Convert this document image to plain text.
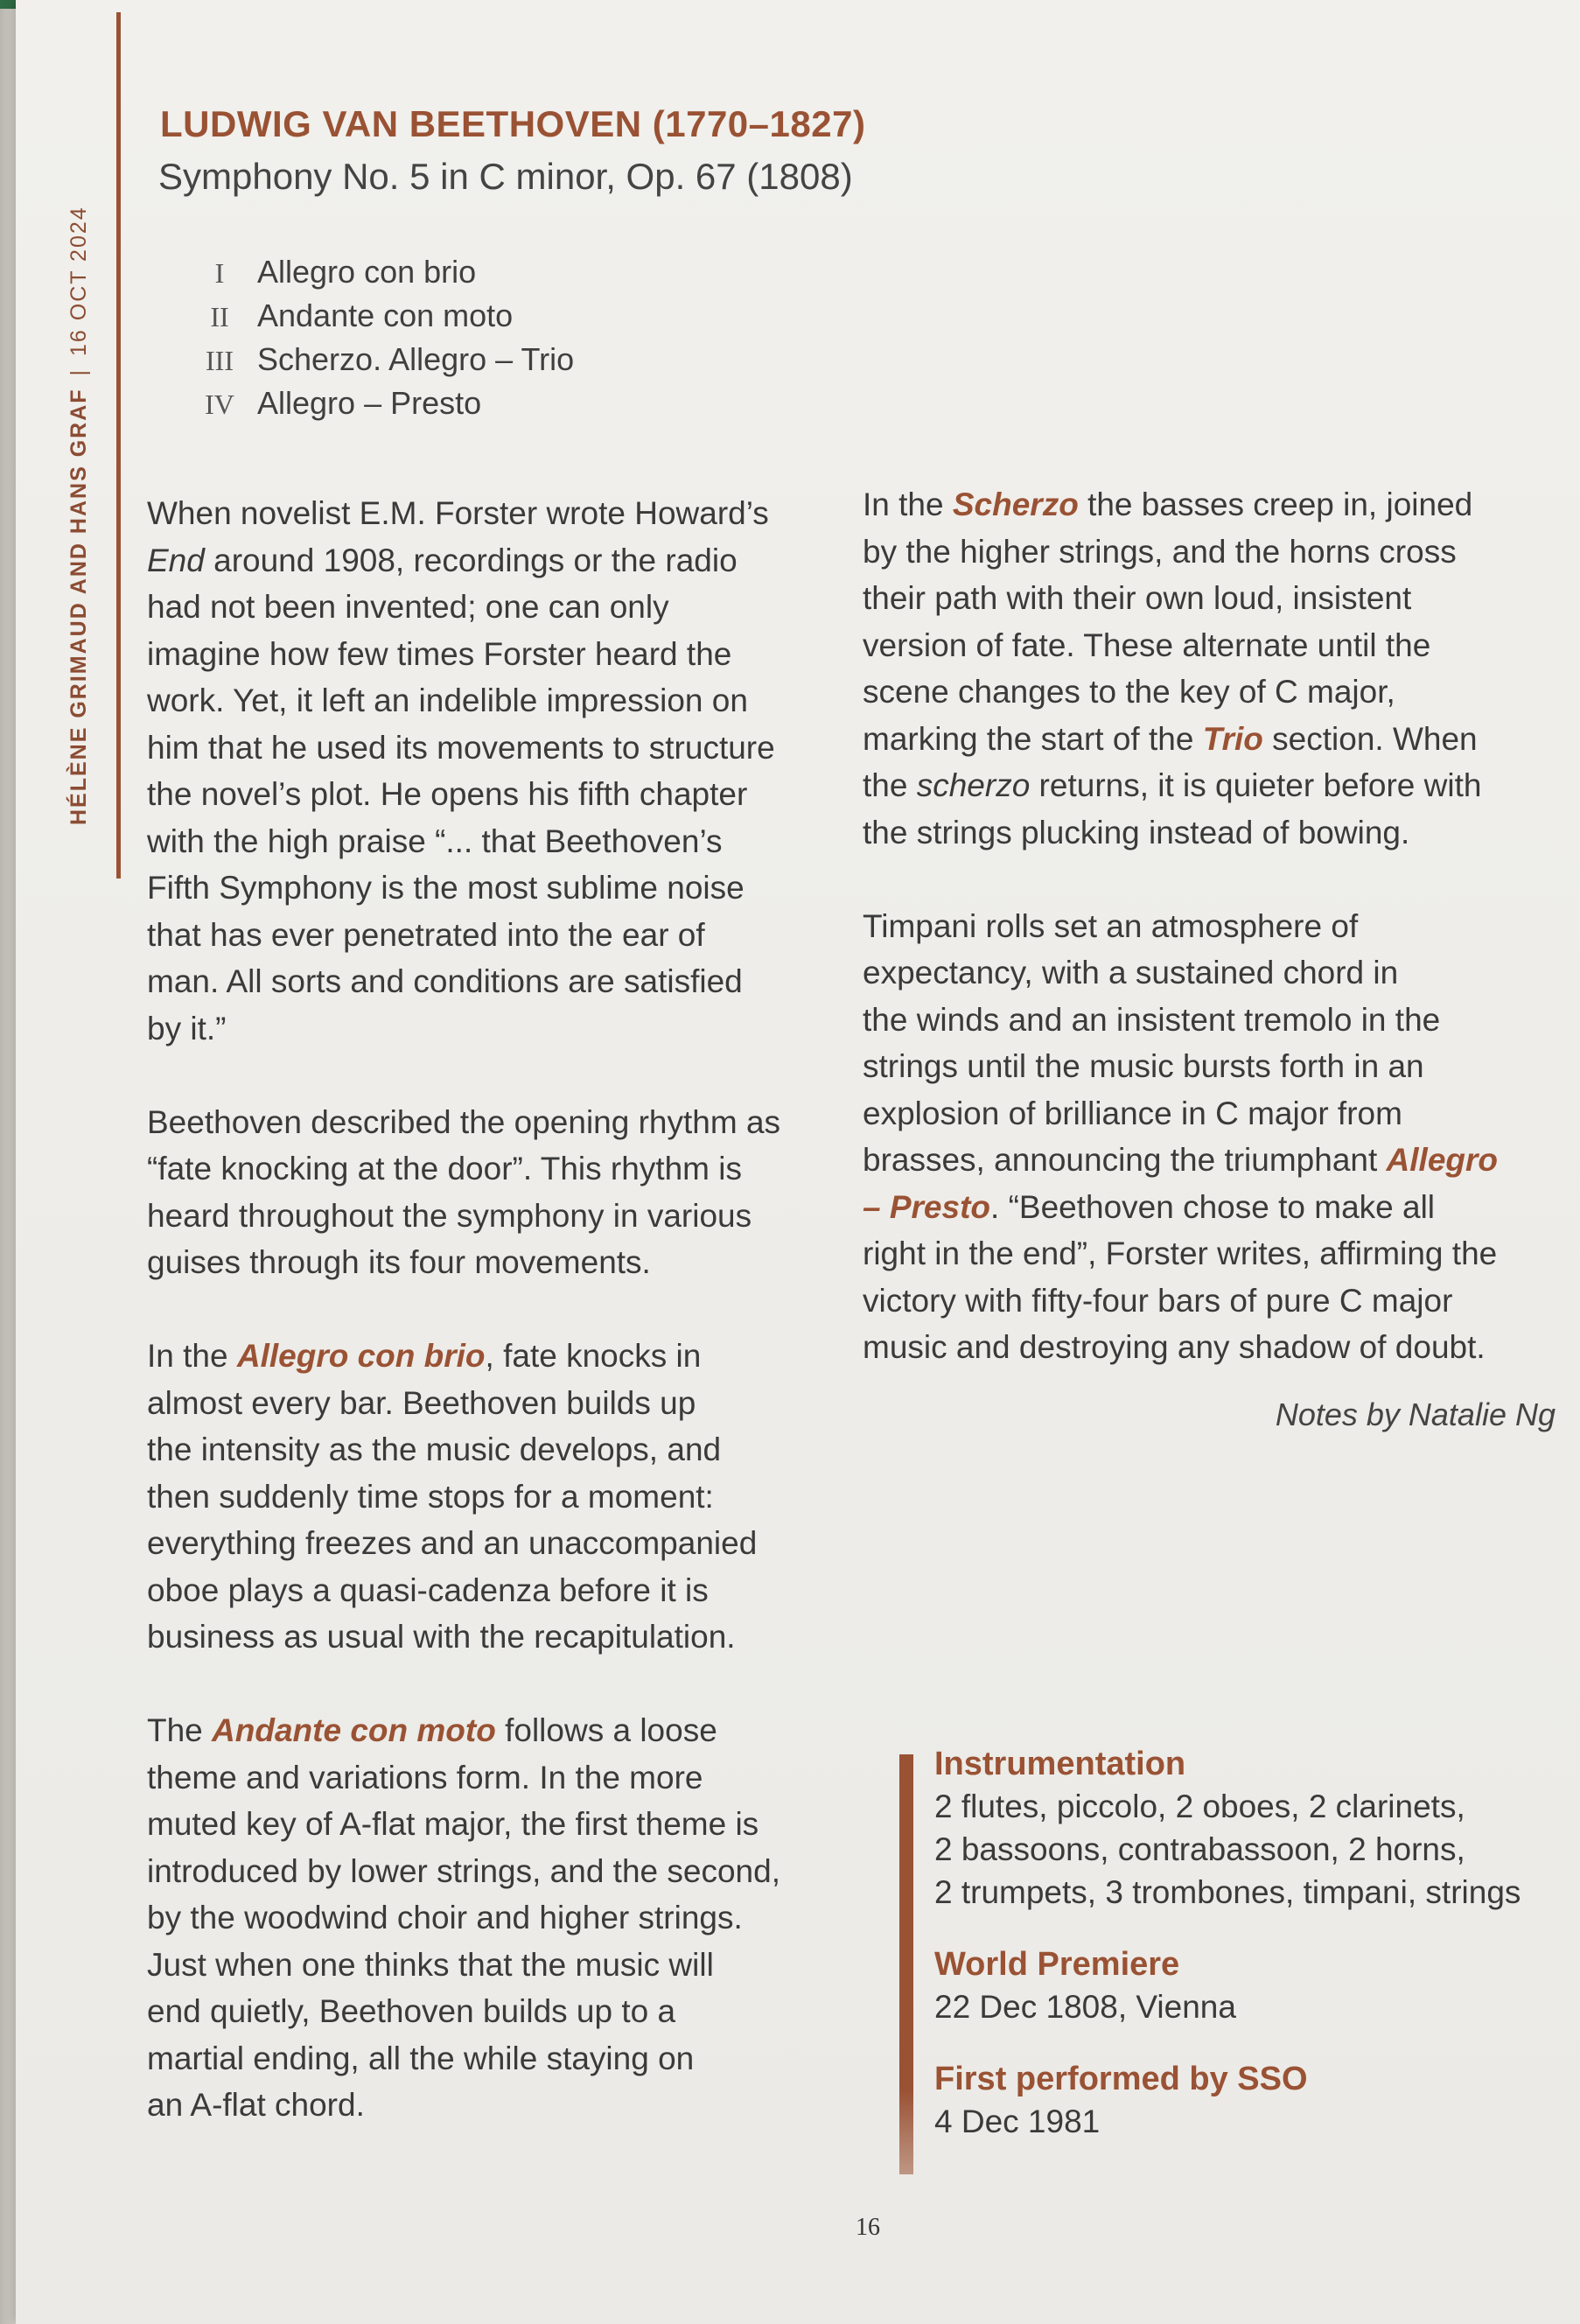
HÉLÈNE GRIMAUD AND HANS GRAF|16 OCT 2024
LUDWIG VAN BEETHOVEN (1770–1827)
Symphony No. 5 in C minor, Op. 67 (1808)
I	Allegro con brio
II Andante con moto
III Scherzo. Allegro – Trio
IV Allegro – Presto

When novelist E.M. Forster wrote Howard’s
End around 1908, recordings or the radio
had not been invented; one can only
imagine how few times Forster heard the
work. Yet, it left an indelible impression on
him that he used its movements to structure
the novel’s plot. He opens his fifth chapter
with the high praise “... that Beethoven’s
Fifth Symphony is the most sublime noise
that has ever penetrated into the ear of
man. All sorts and conditions are satisfied
by it.”

Beethoven described the opening rhythm as
“fate knocking at the door”. This rhythm is
heard throughout the symphony in various
guises through its four movements.

In the Allegro con brio, fate knocks in
almost every bar. Beethoven builds up
the intensity as the music develops, and
then suddenly time stops for a moment:
everything freezes and an unaccompanied
oboe plays a quasi-cadenza before it is
business as usual with the recapitulation.

The Andante con moto follows a loose
theme and variations form. In the more
muted key of A-flat major, the first theme is
introduced by lower strings, and the second,
by the woodwind choir and higher strings.
Just when one thinks that the music will
end quietly, Beethoven builds up to a
martial ending, all the while staying on
an A-flat chord.

In the Scherzo the basses creep in, joined
by the higher strings, and the horns cross
their path with their own loud, insistent
version of fate. These alternate until the
scene changes to the key of C major,
marking the start of the Trio section. When
the scherzo returns, it is quieter before with
the strings plucking instead of bowing.

Timpani rolls set an atmosphere of
expectancy, with a sustained chord in
the winds and an insistent tremolo in the
strings until the music bursts forth in an
explosion of brilliance in C major from
brasses, announcing the triumphant Allegro
– Presto. “Beethoven chose to make all
right in the end”, Forster writes, affirming the
victory with fifty-four bars of pure C major
music and destroying any shadow of doubt.

Notes by Natalie Ng
Instrumentation
2 flutes, piccolo, 2 oboes, 2 clarinets,
2 bassoons, contrabassoon, 2 horns,
2 trumpets, 3 trombones, timpani, strings
World Premiere
22 Dec 1808, Vienna
First performed by SSO
4 Dec 1981
16
